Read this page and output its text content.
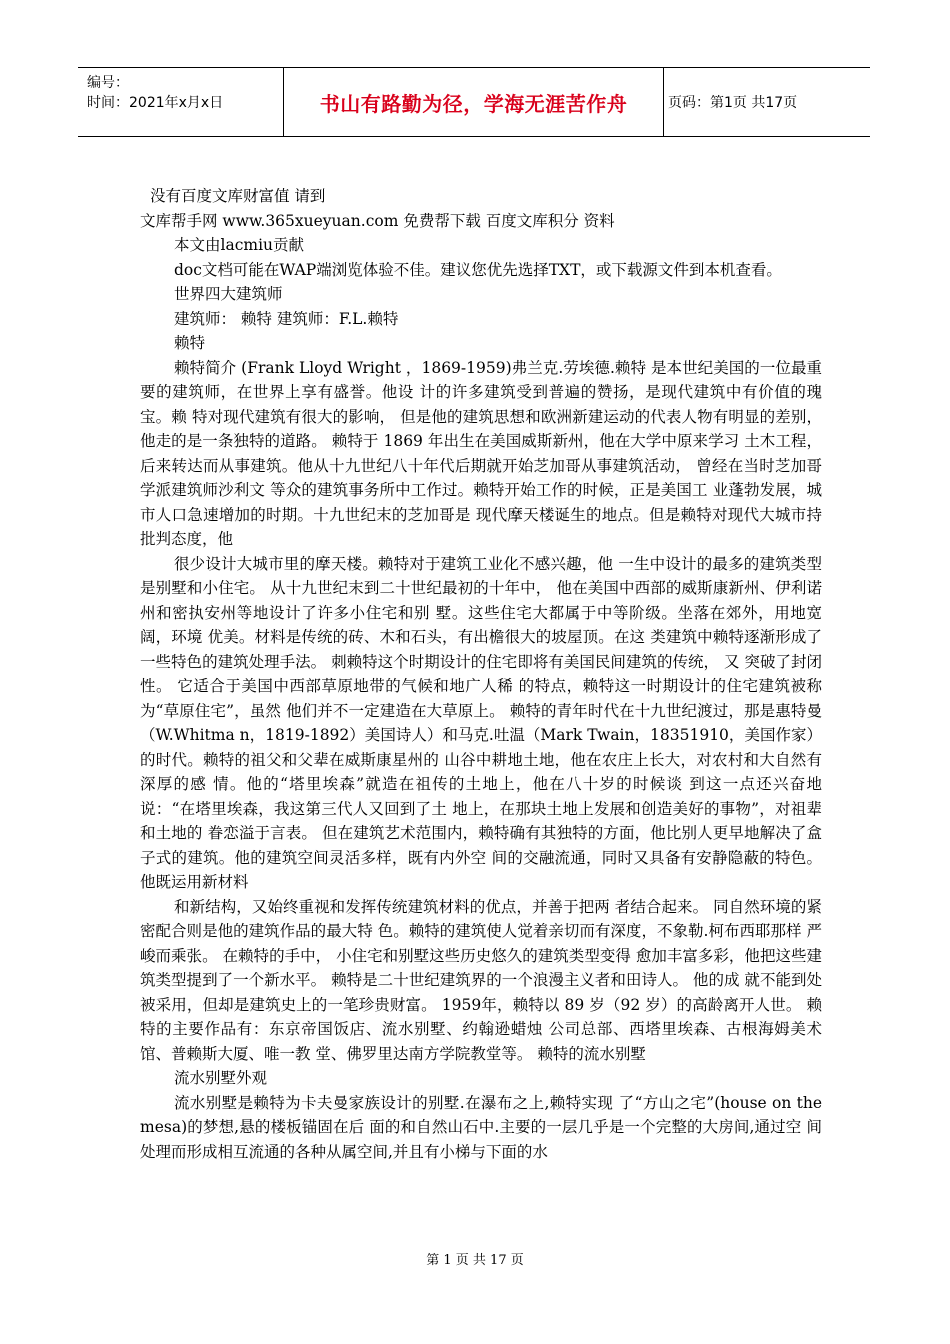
编号：
时间：2021年x月x日	书山有路勤为径，学海无涯苦作舟	页码：第1页 共17页

没有百度文库财富值 请到

文库帮手网 www.365xueyuan.com 免费帮下载 百度文库积分 资料

本文由lacmiu贡献

doc文档可能在WAP端浏览体验不佳。建议您优先选择TXT，或下载源文件到本机查看。

世界四大建筑师

建筑师： 赖特 建筑师：F.L.赖特

赖特

赖特简介 (Frank Lloyd Wright ，1869-1959)弗兰克.劳埃德.赖特 是本世纪美国的一位最重要的建筑师，在世界上享有盛誉。他设 计的许多建筑受到普遍的赞扬，是现代建筑中有价值的瑰宝。赖 特对现代建筑有很大的影响， 但是他的建筑思想和欧洲新建运动的代表人物有明显的差别，他走的是一条独特的道路。 赖特于 1869 年出生在美国威斯新州，他在大学中原来学习 土木工程，后来转达而从事建筑。他从十九世纪八十年代后期就开始芝加哥从事建筑活动， 曾经在当时芝加哥学派建筑师沙利文 等众的建筑事务所中工作过。赖特开始工作的时候，正是美国工 业蓬勃发展，城市人口急速增加的时期。十九世纪末的芝加哥是 现代摩天楼诞生的地点。但是赖特对现代大城市持批判态度，他

很少设计大城市里的摩天楼。赖特对于建筑工业化不感兴趣，他 一生中设计的最多的建筑类型是别墅和小住宅。 从十九世纪末到二十世纪最初的十年中， 他在美国中西部的威斯康新州、伊利诺州和密执安州等地设计了许多小住宅和别 墅。这些住宅大都属于中等阶级。坐落在郊外，用地宽阔，环境 优美。材料是传统的砖、木和石头，有出檐很大的坡屋顶。在这 类建筑中赖特逐渐形成了一些特色的建筑处理手法。 刺赖特这个时期设计的住宅即将有美国民间建筑的传统， 又 突破了封闭性。 它适合于美国中西部草原地带的气候和地广人稀 的特点，赖特这一时期设计的住宅建筑被称为“草原住宅”，虽然 他们并不一定建造在大草原上。 赖特的青年时代在十九世纪渡过，那是惠特曼（W.Whitma n，1819-1892）美国诗人）和马克.吐温（Mark Twain，18351910，美国作家）的时代。赖特的祖父和父辈在威斯康星州的 山谷中耕地土地，他在农庄上长大，对农村和大自然有深厚的感 情。他的“塔里埃森”就造在祖传的土地上，他在八十岁的时候谈 到这一点还兴奋地说：“在塔里埃森，我这第三代人又回到了土 地上，在那块土地上发展和创造美好的事物”，对祖辈和土地的 眷恋溢于言表。 但在建筑艺术范围内，赖特确有其独特的方面，他比别人更早地解决了盒子式的建筑。他的建筑空间灵活多样，既有内外空 间的交融流通，同时又具备有安静隐蔽的特色。他既运用新材料

和新结构，又始终重视和发挥传统建筑材料的优点，并善于把两 者结合起来。 同自然环境的紧密配合则是他的建筑作品的最大特 色。赖特的建筑使人觉着亲切而有深度，不象勒.柯布西耶那样 严峻而乘张。 在赖特的手中， 小住宅和别墅这些历史悠久的建筑类型变得 愈加丰富多彩，他把这些建筑类型提到了一个新水平。 赖特是二十世纪建筑界的一个浪漫主义者和田诗人。 他的成 就不能到处被采用，但却是建筑史上的一笔珍贵财富。 1959年，赖特以 89 岁（92 岁）的高龄离开人世。 赖特的主要作品有：东京帝国饭店、流水别墅、约翰逊蜡烛 公司总部、西塔里埃森、古根海姆美术馆、普赖斯大厦、唯一教 堂、佛罗里达南方学院教堂等。 赖特的流水别墅

流水别墅外观

流水别墅是赖特为卡夫曼家族设计的别墅.在瀑布之上,赖特实现 了“方山之宅”(house on the mesa)的梦想,悬的楼板锚固在后 面的和自然山石中.主要的一层几乎是一个完整的大房间,通过空 间处理而形成相互流通的各种从属空间,并且有小梯与下面的水

第 1 页 共 17 页
